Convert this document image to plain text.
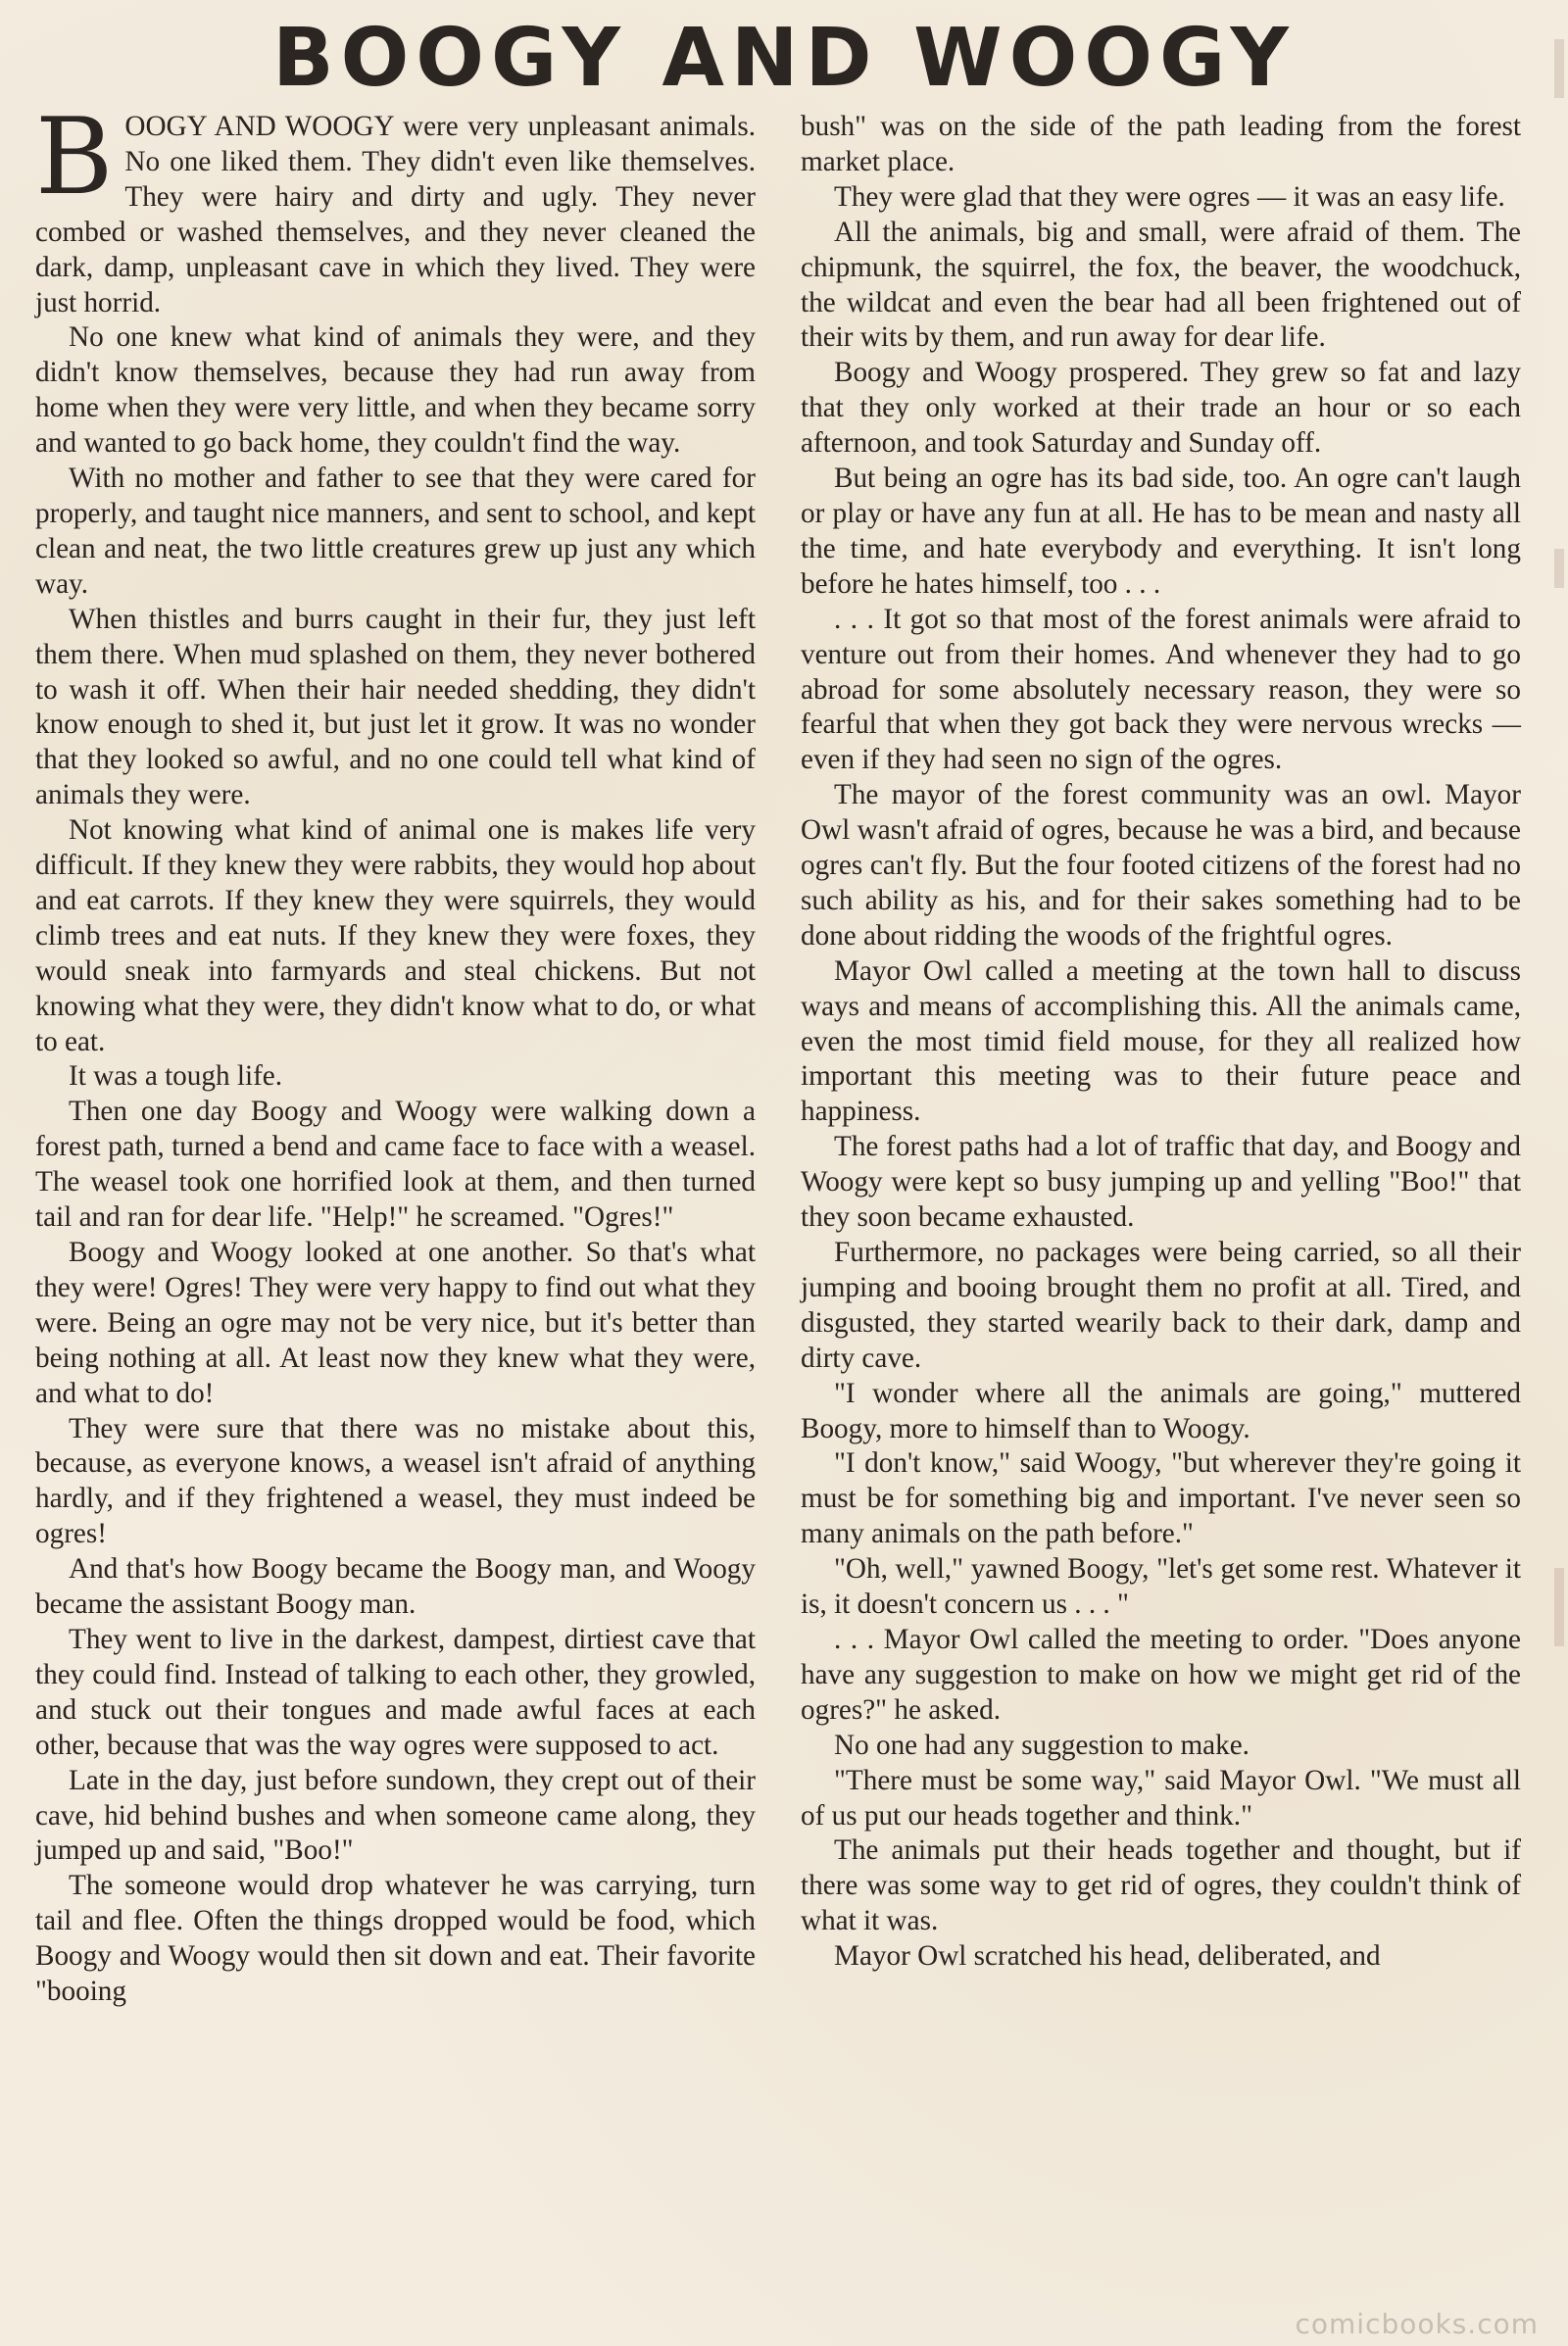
BOOGY AND WOOGY

BOOGY AND WOOGY were very unpleasant animals. No one liked them. They didn't even like themselves. They were hairy and dirty and ugly. They never combed or washed themselves, and they never cleaned the dark, damp, unpleasant cave in which they lived. They were just horrid.

No one knew what kind of animals they were, and they didn't know themselves, because they had run away from home when they were very little, and when they became sorry and wanted to go back home, they couldn't find the way.

With no mother and father to see that they were cared for properly, and taught nice manners, and sent to school, and kept clean and neat, the two little creatures grew up just any which way.

When thistles and burrs caught in their fur, they just left them there. When mud splashed on them, they never bothered to wash it off. When their hair needed shedding, they didn't know enough to shed it, but just let it grow. It was no wonder that they looked so awful, and no one could tell what kind of animals they were.

Not knowing what kind of animal one is makes life very difficult. If they knew they were rabbits, they would hop about and eat carrots. If they knew they were squirrels, they would climb trees and eat nuts. If they knew they were foxes, they would sneak into farmyards and steal chickens. But not knowing what they were, they didn't know what to do, or what to eat.

It was a tough life.

Then one day Boogy and Woogy were walking down a forest path, turned a bend and came face to face with a weasel. The weasel took one horrified look at them, and then turned tail and ran for dear life. "Help!" he screamed. "Ogres!"

Boogy and Woogy looked at one another. So that's what they were! Ogres! They were very happy to find out what they were. Being an ogre may not be very nice, but it's better than being nothing at all. At least now they knew what they were, and what to do!

They were sure that there was no mistake about this, because, as everyone knows, a weasel isn't afraid of anything hardly, and if they frightened a weasel, they must indeed be ogres!

And that's how Boogy became the Boogy man, and Woogy became the assistant Boogy man.

They went to live in the darkest, dampest, dirtiest cave that they could find. Instead of talking to each other, they growled, and stuck out their tongues and made awful faces at each other, because that was the way ogres were supposed to act.

Late in the day, just before sundown, they crept out of their cave, hid behind bushes and when someone came along, they jumped up and said, "Boo!"

The someone would drop whatever he was carrying, turn tail and flee. Often the things dropped would be food, which Boogy and Woogy would then sit down and eat. Their favorite "booing

bush" was on the side of the path leading from the forest market place.

They were glad that they were ogres — it was an easy life.

All the animals, big and small, were afraid of them. The chipmunk, the squirrel, the fox, the beaver, the woodchuck, the wildcat and even the bear had all been frightened out of their wits by them, and run away for dear life.

Boogy and Woogy prospered. They grew so fat and lazy that they only worked at their trade an hour or so each afternoon, and took Saturday and Sunday off.

But being an ogre has its bad side, too. An ogre can't laugh or play or have any fun at all. He has to be mean and nasty all the time, and hate everybody and everything. It isn't long before he hates himself, too . . .

. . . It got so that most of the forest animals were afraid to venture out from their homes. And whenever they had to go abroad for some absolutely necessary reason, they were so fearful that when they got back they were nervous wrecks — even if they had seen no sign of the ogres.

The mayor of the forest community was an owl. Mayor Owl wasn't afraid of ogres, because he was a bird, and because ogres can't fly. But the four footed citizens of the forest had no such ability as his, and for their sakes something had to be done about ridding the woods of the frightful ogres.

Mayor Owl called a meeting at the town hall to discuss ways and means of accomplishing this. All the animals came, even the most timid field mouse, for they all realized how important this meeting was to their future peace and happiness.

The forest paths had a lot of traffic that day, and Boogy and Woogy were kept so busy jumping up and yelling "Boo!" that they soon became exhausted.

Furthermore, no packages were being carried, so all their jumping and booing brought them no profit at all. Tired, and disgusted, they started wearily back to their dark, damp and dirty cave.

"I wonder where all the animals are going," muttered Boogy, more to himself than to Woogy.

"I don't know," said Woogy, "but wherever they're going it must be for something big and important. I've never seen so many animals on the path before."

"Oh, well," yawned Boogy, "let's get some rest. Whatever it is, it doesn't concern us . . . "

. . . Mayor Owl called the meeting to order. "Does anyone have any suggestion to make on how we might get rid of the ogres?" he asked.

No one had any suggestion to make.

"There must be some way," said Mayor Owl. "We must all of us put our heads together and think."

The animals put their heads together and thought, but if there was some way to get rid of ogres, they couldn't think of what it was.

Mayor Owl scratched his head, deliberated, and

comicbooks.com
